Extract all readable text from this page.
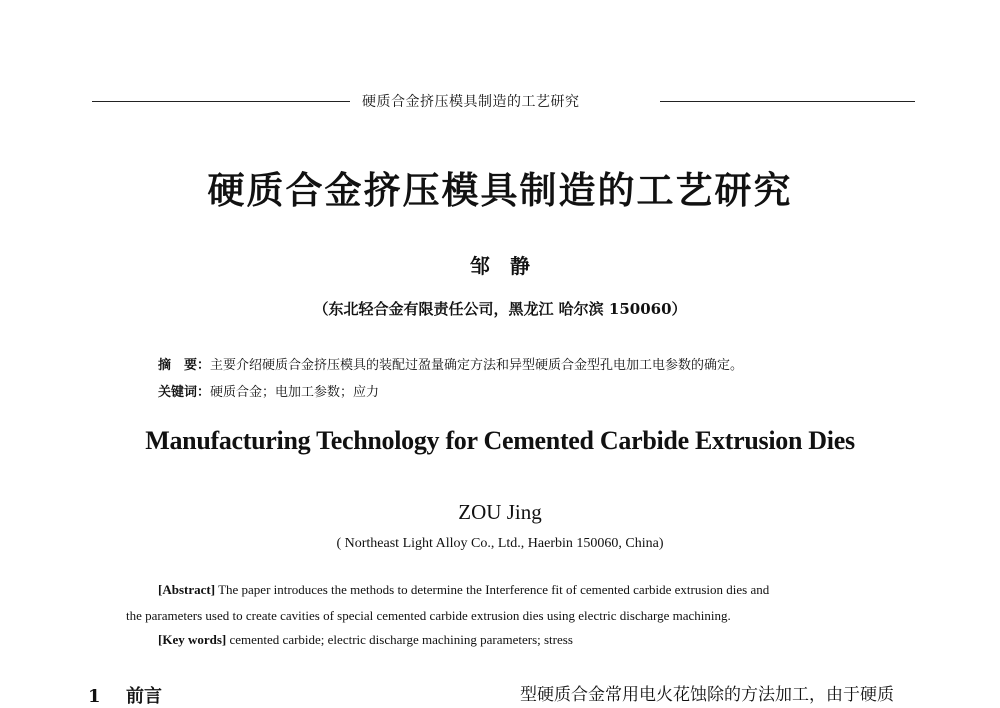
硬质合金挤压模具制造的工艺研究
硬质合金挤压模具制造的工艺研究
邹　静
（东北轻合金有限责任公司，黑龙江 哈尔滨 150060）
摘　要：主要介绍硬质合金挤压模具的装配过盈量确定方法和异型硬质合金型孔电加工电参数的确定。
关键词：硬质合金；电加工参数；应力
Manufacturing Technology for Cemented Carbide Extrusion Dies
ZOU Jing
( Northeast Light Alloy Co., Ltd., Haerbin 150060, China)
[Abstract] The paper introduces the methods to determine the Interference fit of cemented carbide extrusion dies and
the parameters used to create cavities of special cemented carbide extrusion dies using electric discharge machining.
[Key words] cemented carbide; electric discharge machining parameters; stress
1 前言	型硬质合金常用电火花蚀除的方法加工，由于硬质
